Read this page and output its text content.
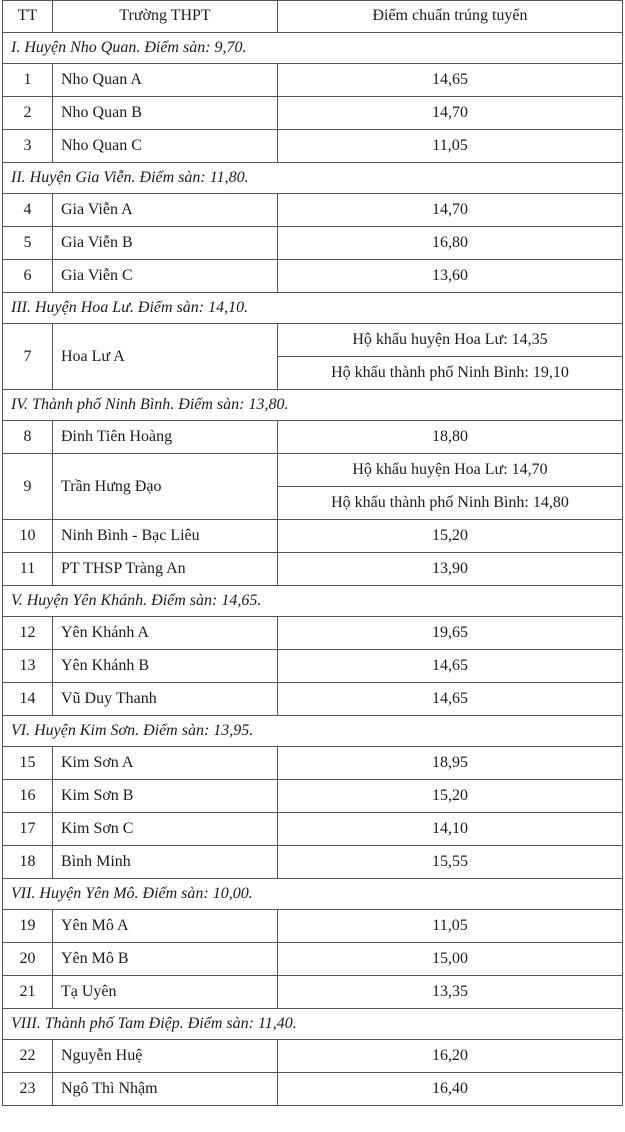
TT	Trường THPT	Điểm chuẩn trúng tuyển
I. Huyện Nho Quan. Điểm sàn: 9,70.		
1	Nho Quan A	14,65
2	Nho Quan B	14,70
3	Nho Quan C	11,05
II. Huyện Gia Viễn. Điểm sàn: 11,80.		
4	Gia Viễn A	14,70
5	Gia Viễn B	16,80
6	Gia Viễn C	13,60
III. Huyện Hoa Lư. Điểm sàn: 14,10.		
7	Hoa Lư A	Hộ khẩu huyện Hoa Lư: 14,35
		Hộ khẩu thành phố Ninh Bình: 19,10
IV. Thành phố Ninh Bình. Điểm sàn: 13,80.		
8	Đinh Tiên Hoàng	18,80
9	Trần Hưng Đạo	Hộ khẩu huyện Hoa Lư: 14,70
		Hộ khẩu thành phố Ninh Bình: 14,80
10	Ninh Bình - Bạc Liêu	15,20
11	PT THSP Tràng An	13,90
V. Huyện Yên Khánh. Điểm sàn: 14,65.		
12	Yên Khánh A	19,65
13	Yên Khánh B	14,65
14	Vũ Duy Thanh	14,65
VI. Huyện Kim Sơn. Điểm sàn: 13,95.		
15	Kim Sơn A	18,95
16	Kim Sơn B	15,20
17	Kim Sơn C	14,10
18	Bình Minh	15,55
VII. Huyện Yên Mô. Điểm sàn: 10,00.		
19	Yên Mô A	11,05
20	Yên Mô B	15,00
21	Tạ Uyên	13,35
VIII. Thành phố Tam Điệp. Điểm sàn: 11,40.		
22	Nguyễn Huệ	16,20
23	Ngô Thì Nhậm	16,40
